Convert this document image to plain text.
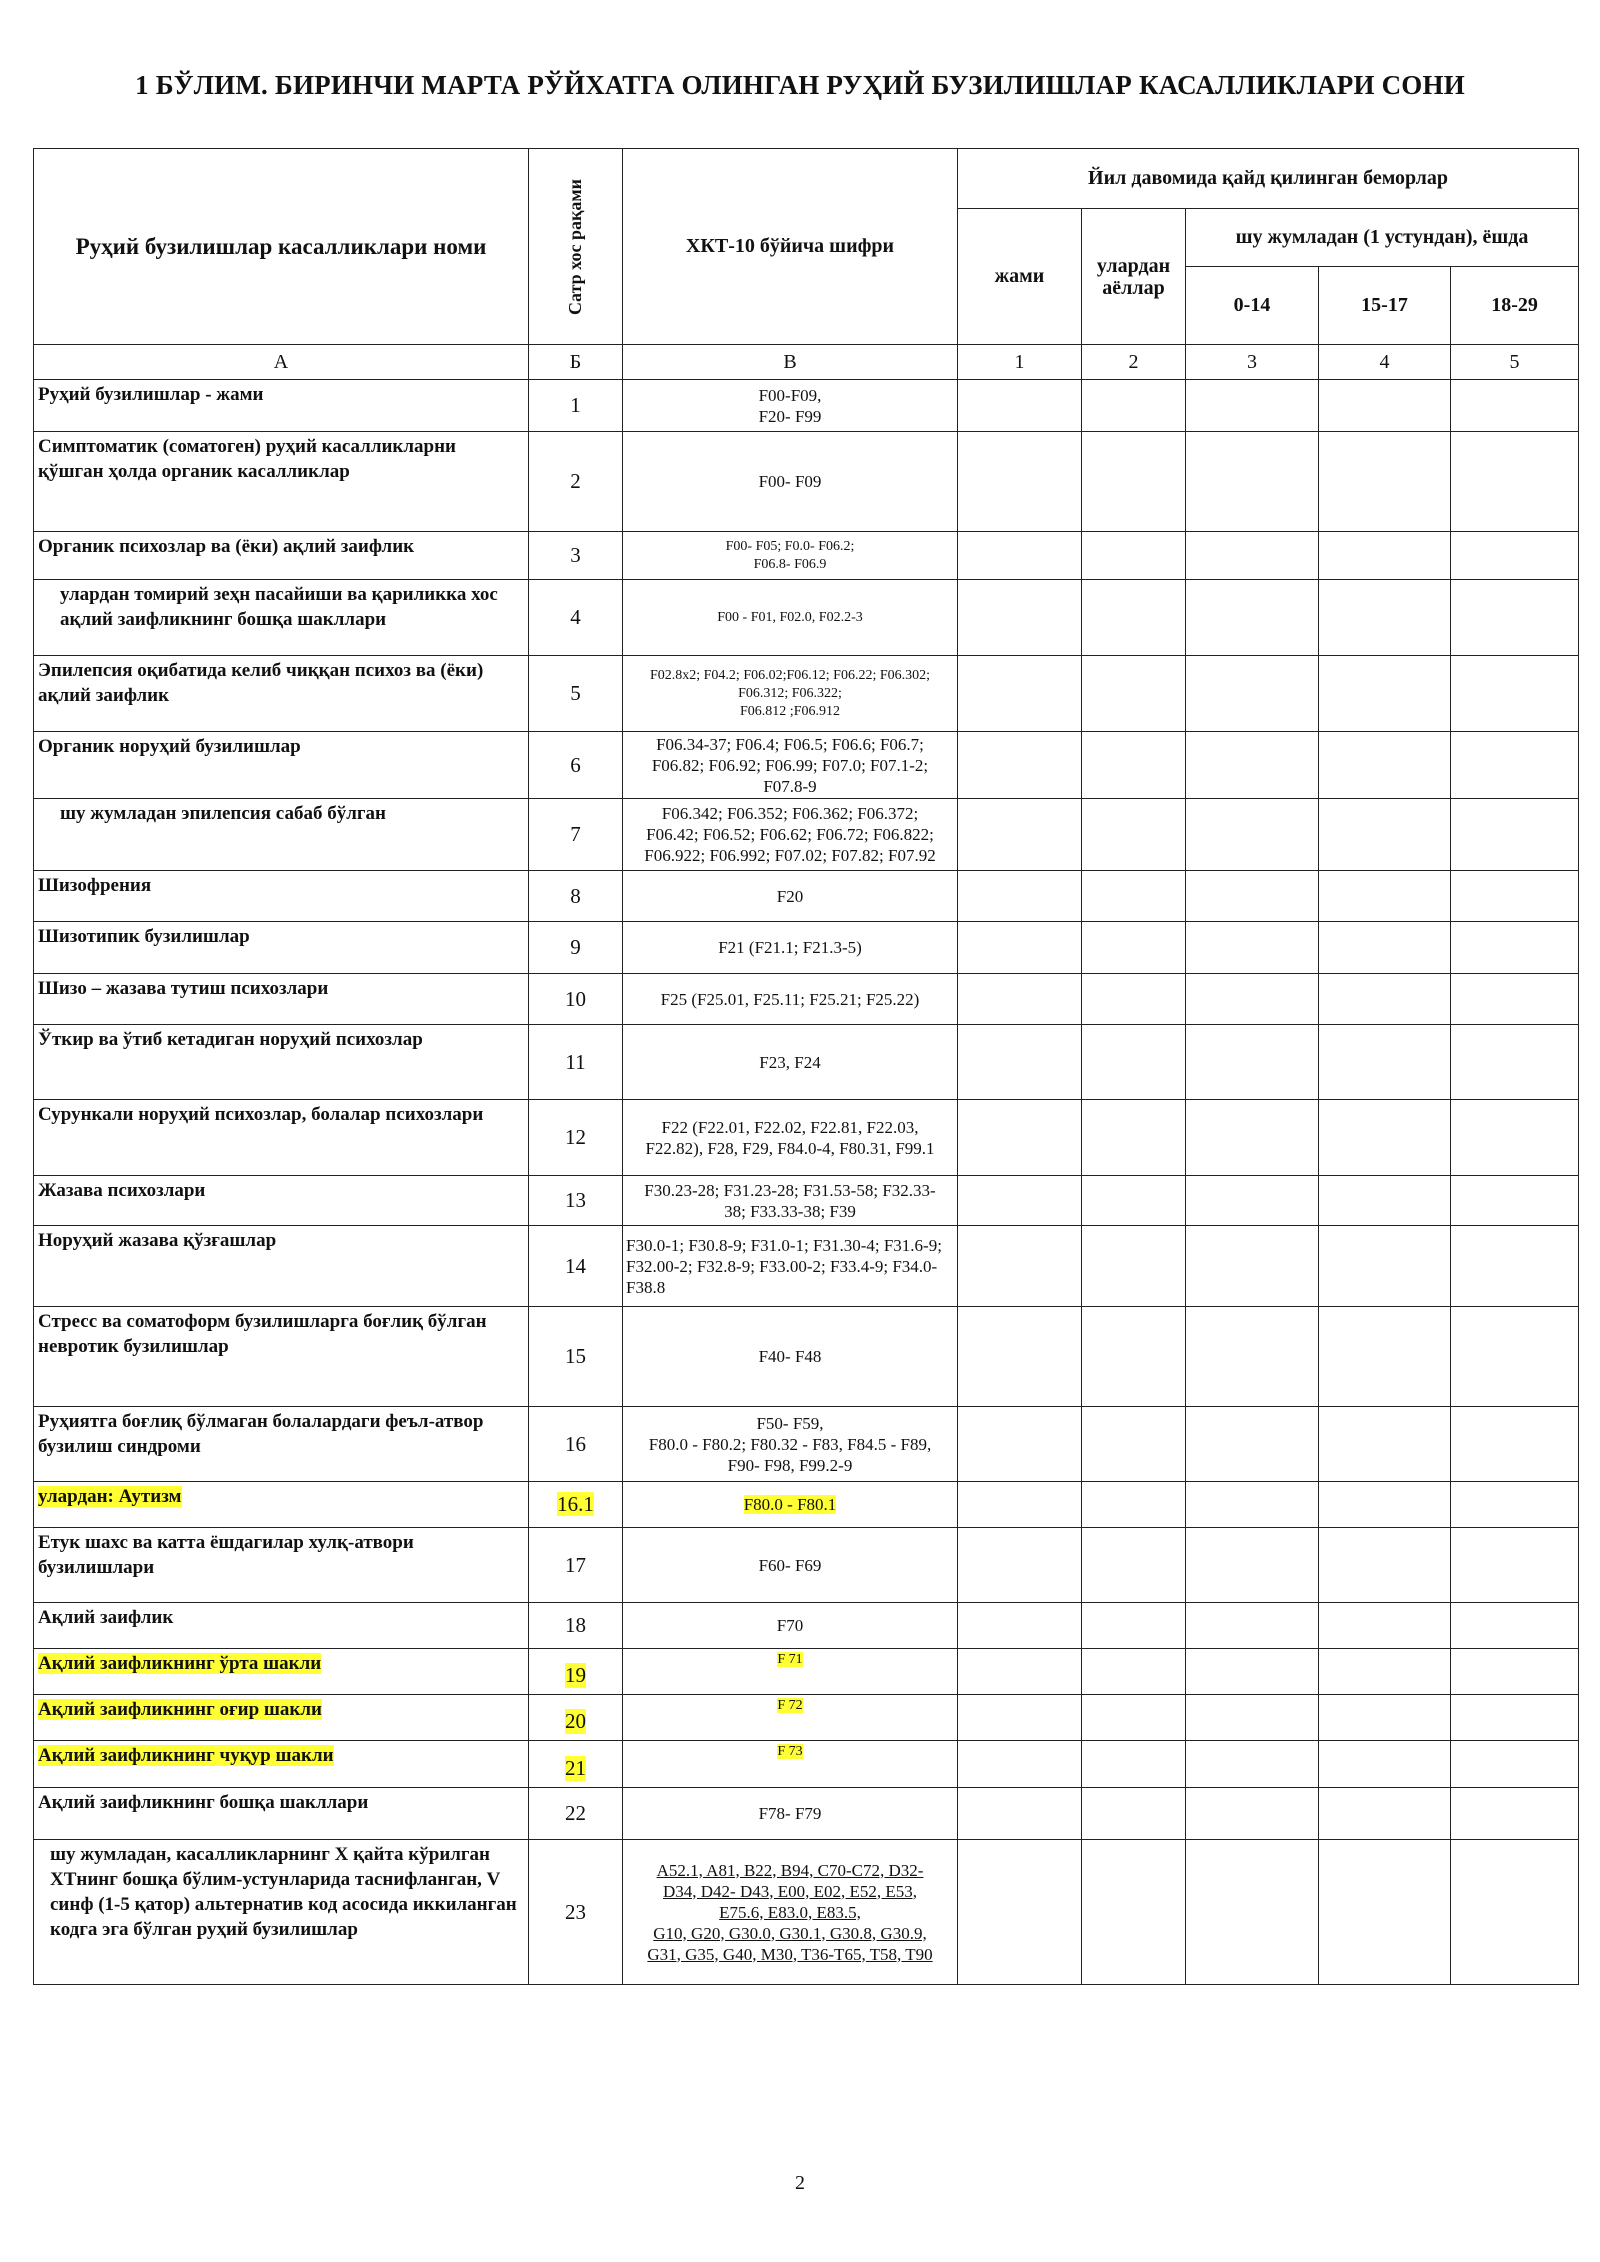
1 БЎЛИМ. БИРИНЧИ МАРТА РЎЙХАТГА ОЛИНГАН РУҲИЙ БУЗИЛИШЛАР КАСАЛЛИКЛАРИ СОНИ
Руҳий бузилишлар касалликлари номи	Сатр хос рақами	ХКТ-10 бўйича шифри	Йил давомида қайд қилинган беморлар				
			жами	улардан аёллар	шу жумладан (1 устундан), ёшда		
					0-14	15-17	18-29
А	Б	В	1	2	3	4	5
Руҳий бузилишлар - жами	1	F00-F09,
F20- F99					
Симптоматик (соматоген) руҳий касалликларни қўшган ҳолда органик касалликлар	2	F00- F09					
Органик психозлар ва (ёки) ақлий заифлик	3	F00- F05; F0.0- F06.2;
F06.8- F06.9					
улардан томирий зеҳн пасайиши ва қариликка хос ақлий заифликнинг бошқа шакллари	4	F00 - F01, F02.0, F02.2-3					
Эпилепсия оқибатида келиб чиққан психоз ва (ёки) ақлий заифлик	5	F02.8x2; F04.2; F06.02;F06.12; F06.22; F06.302;
F06.312; F06.322;
F06.812 ;F06.912					
Органик норуҳий бузилишлар	6	F06.34-37; F06.4; F06.5; F06.6; F06.7;
F06.82; F06.92; F06.99; F07.0; F07.1-2;
F07.8-9					
шу жумладан эпилепсия сабаб бўлган	7	F06.342; F06.352; F06.362; F06.372;
F06.42; F06.52; F06.62; F06.72; F06.822;
F06.922; F06.992; F07.02; F07.82; F07.92					
Шизофрения	8	F20					
Шизотипик бузилишлар	9	F21 (F21.1; F21.3-5)					
Шизо – жазава тутиш психозлари	10	F25 (F25.01, F25.11; F25.21; F25.22)					
Ўткир ва ўтиб кетадиган норуҳий психозлар	11	F23, F24					
Сурункали норуҳий психозлар, болалар психозлари	12	F22 (F22.01, F22.02, F22.81, F22.03,
F22.82), F28, F29, F84.0-4, F80.31, F99.1					
Жазава психозлари	13	F30.23-28; F31.23-28; F31.53-58; F32.33-
38; F33.33-38; F39					
Норуҳий жазава қўзғашлар	14	F30.0-1; F30.8-9; F31.0-1; F31.30-4; F31.6-9;
F32.00-2; F32.8-9; F33.00-2; F33.4-9; F34.0-
F38.8					
Стресс ва соматоформ бузилишларга боғлиқ бўлган невротик бузилишлар	15	F40- F48					
Руҳиятга боғлиқ бўлмаган болалардаги феъл-атвор бузилиш синдроми	16	F50- F59,
F80.0 - F80.2; F80.32 - F83, F84.5 - F89,
F90- F98, F99.2-9					
улардан: Аутизм	16.1	F80.0 - F80.1					
Етук шахс ва катта ёшдагилар хулқ-атвори бузилишлари	17	F60- F69					
Ақлий заифлик	18	F70					
Ақлий заифликнинг ўрта шакли	19	F 71					
Ақлий заифликнинг оғир шакли	20	F 72					
Ақлий заифликнинг чуқур шакли	21	F 73					
Ақлий заифликнинг бошқа шакллари	22	F78- F79					
шу жумладан, касалликларнинг X қайта кўрилган ХТнинг бошқа бўлим-устунларида таснифланган, V синф (1-5 қатор) альтернатив код асосида иккиланган кодга эга бўлган руҳий бузилишлар	23	A52.1, A81, B22, B94, C70-C72, D32-
D34, D42- D43, E00, E02, E52, E53,
E75.6, E83.0, E83.5,
G10, G20, G30.0, G30.1, G30.8, G30.9,
G31, G35, G40, M30, T36-T65, T58, T90					
2
